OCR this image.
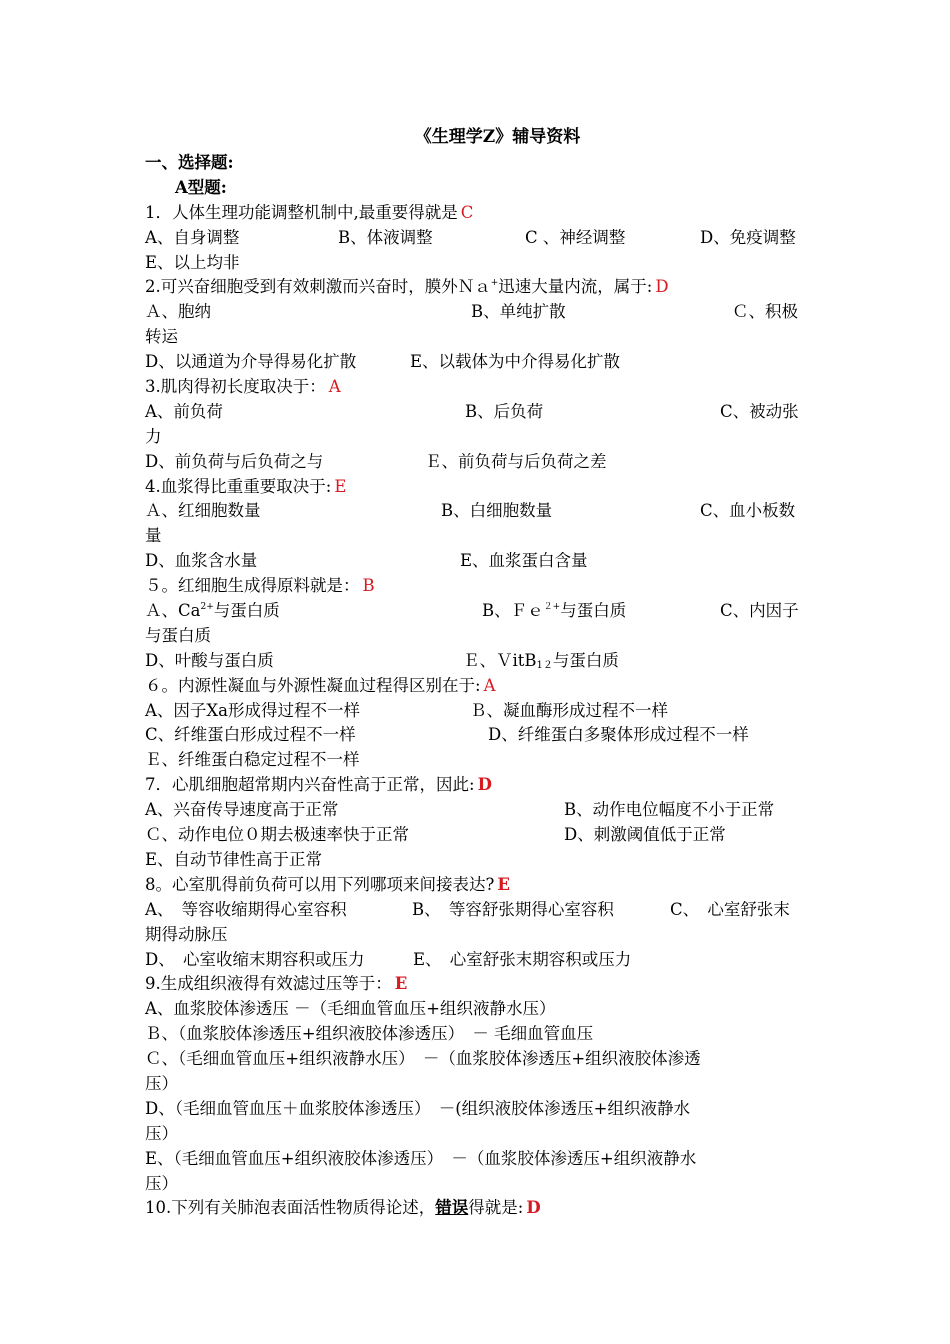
《生理学Z》辅导资料
一、选择题:
A型题:
1．人体生理功能调整机制中,最重要得就是 C
A、自身调整	B、体液调整	C 、神经调整	D、免疫调整
E、以上均非
2.可兴奋细胞受到有效刺激而兴奋时，膜外Ｎａ+迅速大量内流，属于: D
Ａ、胞纳	B、单纯扩散	Ｃ、积极
转运
D、以通道为介导得易化扩散	E、以载体为中介得易化扩散
3.肌肉得初长度取决于： A
A、前负荷	B、后负荷	C、被动张
力
D、前负荷与后负荷之与	Ｅ、前负荷与后负荷之差
4.血浆得比重重要取决于: E
Ａ、红细胞数量	B、白细胞数量	C、血小板数
量
D、血浆含水量	E、血浆蛋白含量
５。红细胞生成得原料就是： B
Ａ、$Ca^{2+}$与蛋白质	B、Ｆｅ$^{2+}$与蛋白质	C、内因子
与蛋白质
D、叶酸与蛋白质	Ｅ、ＶitB$_{12}$与蛋白质
６。内源性凝血与外源性凝血过程得区别在于: A
A、因子Xa形成得过程不一样	Ｂ、凝血酶形成过程不一样
C、纤维蛋白形成过程不一样	D、纤维蛋白多聚体形成过程不一样
Ｅ、纤维蛋白稳定过程不一样
7．心肌细胞超常期内兴奋性高于正常，因此: D
A、兴奋传导速度高于正常	B、动作电位幅度不小于正常
Ｃ、动作电位０期去极速率快于正常	D、刺激阈值低于正常
E、自动节律性高于正常
8。心室肌得前负荷可以用下列哪项来间接表达? E
A、　等容收缩期得心室容积	B、　等容舒张期得心室容积	C、　心室舒张末
期得动脉压
D、　心室收缩末期容积或压力	E、　心室舒张末期容积或压力
9.生成组织液得有效滤过压等于： E
A、血浆胶体渗透压 －（毛细血管血压+组织液静水压）
Ｂ、（血浆胶体渗透压+组织液胶体渗透压）　－ 毛细血管血压
Ｃ、（毛细血管血压+组织液静水压）　－（血浆胶体渗透压+组织液胶体渗透
压）
D、（毛细血管血压＋血浆胶体渗透压）　－(组织液胶体渗透压+组织液静水
压）
E、（毛细血管血压+组织液胶体渗透压）　－（血浆胶体渗透压+组织液静水
压）
10.下列有关肺泡表面活性物质得论述，错误得就是: D
